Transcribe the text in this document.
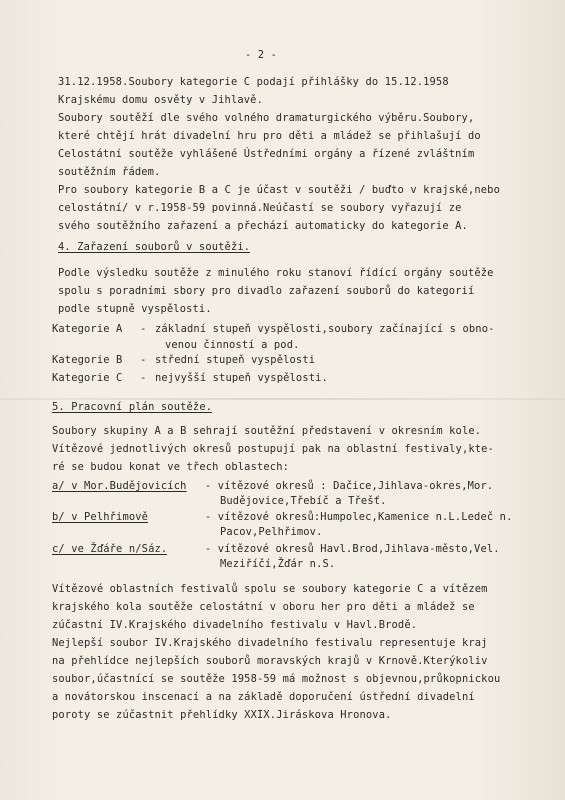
- 2 -
31.12.1958.Soubory kategorie C podají přihlášky do 15.12.1958
Krajskému domu osvěty v Jihlavě.
Soubory soutěží dle svého volného dramaturgického výběru.Soubory,
které chtějí hrát divadelní hru pro děti a mládež se přihlašují do
Celostátní soutěže vyhlášené Ústředními orgány a řízené zvláštním
soutěžním řádem.
Pro soubory kategorie B a C je účast v soutěži / buďto v krajské,nebo
celostátní/ v r.1958-59 povinná.Neúčastí se soubory vyřazují ze
svého soutěžního zařazení a přechází automaticky do kategorie A.
4. Zařazení souborů v soutěži.
Podle výsledku soutěže z minulého roku stanoví řídící orgány soutěže
spolu s poradními sbory pro divadlo zařazení souborů do kategorií
podle stupně vyspělosti.
Kategorie A - základní stupeň vyspělosti,soubory začínající s obno-
venou činností a pod.
Kategorie B - střední stupeň vyspělosti
Kategorie C - nejvyšší stupeň vyspělosti.
5. Pracovní plán soutěže.
Soubory skupiny A a B sehrají soutěžní představení v okresním kole.
Vítězové jednotlivých okresů postupují pak na oblastní festivaly,kte-
ré se budou konat ve třech oblastech:
a/ v Mor.Budějovicích - vítězové okresů : Dačice,Jihlava-okres,Mor.
Budějovice,Třebíč a Třešť.
b/ v Pelhřimově	- vítězové okresů:Humpolec,Kamenice n.L.Ledeč n.
Pacov,Pelhřimov.
c/ ve Žďáře n/Sáz.	- vítězové okresů Havl.Brod,Jihlava-město,Vel.
Meziříčí,Žďár n.S.
Vítězové oblastních festivalů spolu se soubory kategorie C a vítězem
krajského kola soutěže celostátní v oboru her pro děti a mládež se
zúčastní IV.Krajského divadelního festivalu v Havl.Brodě.
Nejlepší soubor IV.Krajského divadelního festivalu representuje kraj
na přehlídce nejlepších souborů moravských krajů v Krnově.Kterýkoliv
soubor,účastnící se soutěže 1958-59 má možnost s objevnou,průkopnickou
a novátorskou inscenací a na základě doporučení ústřední divadelní
poroty se zúčastnit přehlídky XXIX.Jiráskova Hronova.
